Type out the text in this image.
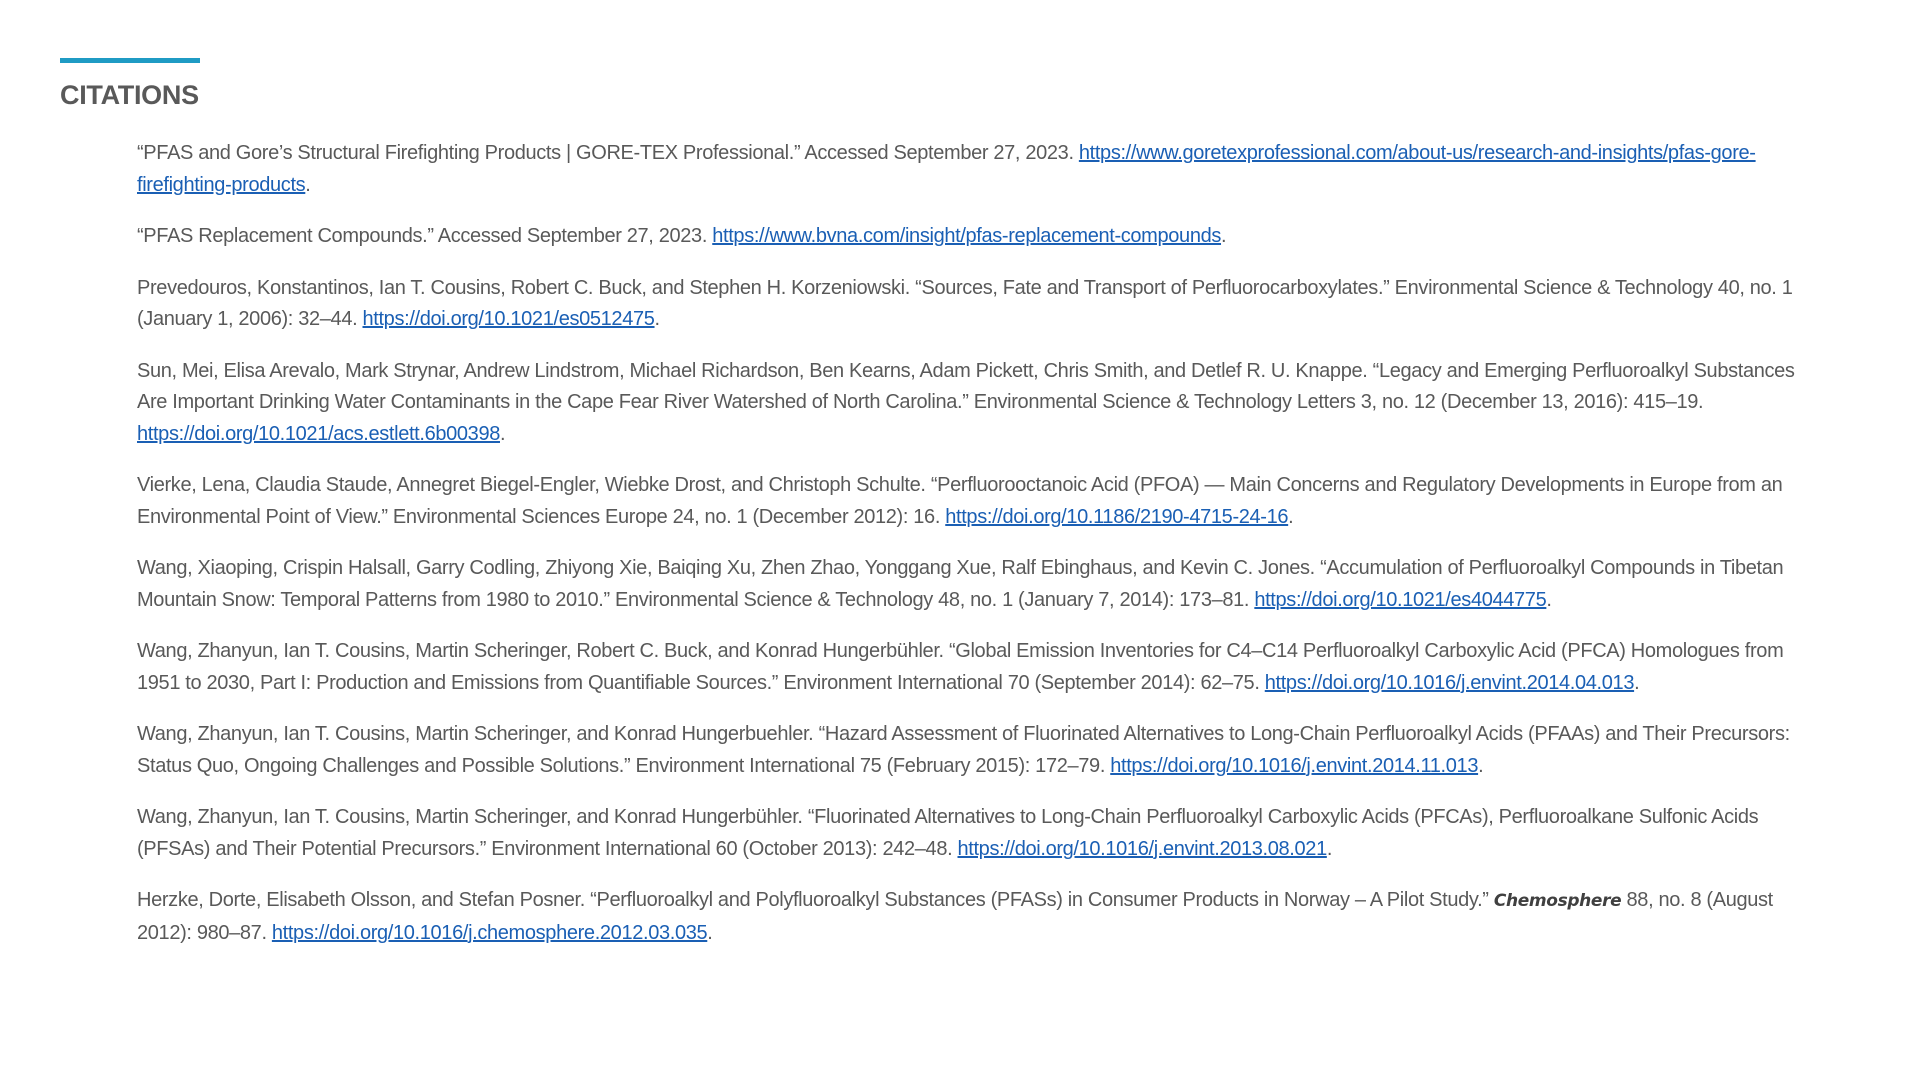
CITATIONS
“PFAS and Gore’s Structural Firefighting Products | GORE-TEX Professional.” Accessed September 27, 2023. https://www.goretexprofessional.com/about-us/research-and-insights/pfas-gore-firefighting-products.
“PFAS Replacement Compounds.” Accessed September 27, 2023. https://www.bvna.com/insight/pfas-replacement-compounds.
Prevedouros, Konstantinos, Ian T. Cousins, Robert C. Buck, and Stephen H. Korzeniowski. “Sources, Fate and Transport of Perfluorocarboxylates.” Environmental Science & Technology 40, no. 1 (January 1, 2006): 32–44. https://doi.org/10.1021/es0512475.
Sun, Mei, Elisa Arevalo, Mark Strynar, Andrew Lindstrom, Michael Richardson, Ben Kearns, Adam Pickett, Chris Smith, and Detlef R. U. Knappe. “Legacy and Emerging Perfluoroalkyl Substances Are Important Drinking Water Contaminants in the Cape Fear River Watershed of North Carolina.” Environmental Science & Technology Letters 3, no. 12 (December 13, 2016): 415–19. https://doi.org/10.1021/acs.estlett.6b00398.
Vierke, Lena, Claudia Staude, Annegret Biegel-Engler, Wiebke Drost, and Christoph Schulte. “Perfluorooctanoic Acid (PFOA) — Main Concerns and Regulatory Developments in Europe from an Environmental Point of View.” Environmental Sciences Europe 24, no. 1 (December 2012): 16. https://doi.org/10.1186/2190-4715-24-16.
Wang, Xiaoping, Crispin Halsall, Garry Codling, Zhiyong Xie, Baiqing Xu, Zhen Zhao, Yonggang Xue, Ralf Ebinghaus, and Kevin C. Jones. “Accumulation of Perfluoroalkyl Compounds in Tibetan Mountain Snow: Temporal Patterns from 1980 to 2010.” Environmental Science & Technology 48, no. 1 (January 7, 2014): 173–81. https://doi.org/10.1021/es4044775.
Wang, Zhanyun, Ian T. Cousins, Martin Scheringer, Robert C. Buck, and Konrad Hungerbühler. “Global Emission Inventories for C4–C14 Perfluoroalkyl Carboxylic Acid (PFCA) Homologues from 1951 to 2030, Part I: Production and Emissions from Quantifiable Sources.” Environment International 70 (September 2014): 62–75. https://doi.org/10.1016/j.envint.2014.04.013.
Wang, Zhanyun, Ian T. Cousins, Martin Scheringer, and Konrad Hungerbuehler. “Hazard Assessment of Fluorinated Alternatives to Long-Chain Perfluoroalkyl Acids (PFAAs) and Their Precursors: Status Quo, Ongoing Challenges and Possible Solutions.” Environment International 75 (February 2015): 172–79. https://doi.org/10.1016/j.envint.2014.11.013.
Wang, Zhanyun, Ian T. Cousins, Martin Scheringer, and Konrad Hungerbühler. “Fluorinated Alternatives to Long-Chain Perfluoroalkyl Carboxylic Acids (PFCAs), Perfluoroalkane Sulfonic Acids (PFSAs) and Their Potential Precursors.” Environment International 60 (October 2013): 242–48. https://doi.org/10.1016/j.envint.2013.08.021.
Herzke, Dorte, Elisabeth Olsson, and Stefan Posner. “Perfluoroalkyl and Polyfluoroalkyl Substances (PFASs) in Consumer Products in Norway – A Pilot Study.” Chemosphere 88, no. 8 (August 2012): 980–87. https://doi.org/10.1016/j.chemosphere.2012.03.035.
